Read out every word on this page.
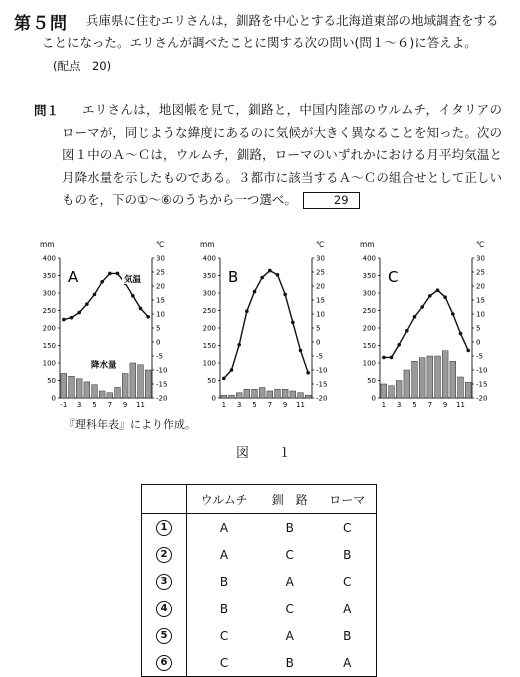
第５問 兵庫県に住むエリさんは，釧路を中心とする北海道東部の地域調査をする
ことになった。エリさんが調べたことに関する次の問い(問１～６)に答えよ。
(配点　20)
問１	エリさんは，地図帳を見て，釧路と，中国内陸部のウルムチ，イタリアのローマが，同じような緯度にあるのに気候が大きく異なることを知った。次の図１中のＡ～Ｃは，ウルムチ，釧路，ローマのいずれかにおける月平均気温と月降水量を示したものである。３都市に該当するＡ～Ｃの組合せとして正しいものを，下の①～⑥のうちから一つ選べ。	29
mm	℃
0
50
100
150
200
250
300
350
400	30
25
20
15
10
5
0
-5
-10
-15
-20
-1 3 5 7 9 11
A	気温
降水量
mm	℃
0
50
100
150
200
250
300
350
400	30
25
20
15
10
5
0
-5
-10
-15
-20
1 3 5 7 9 11
B
mm	℃
0
50
100
150
200
250
300
350
400	30
25
20
15
10
5
0
-5
-10
-15
-20
1 3 5 7 9 11
C
『理科年表』により作成。
図　１
	ウルムチ	釧　路	ローマ
1	A	B	C
2	A	C	B
3	B	A	C
4	B	C	A
5	C	A	B
6	C	B	A
